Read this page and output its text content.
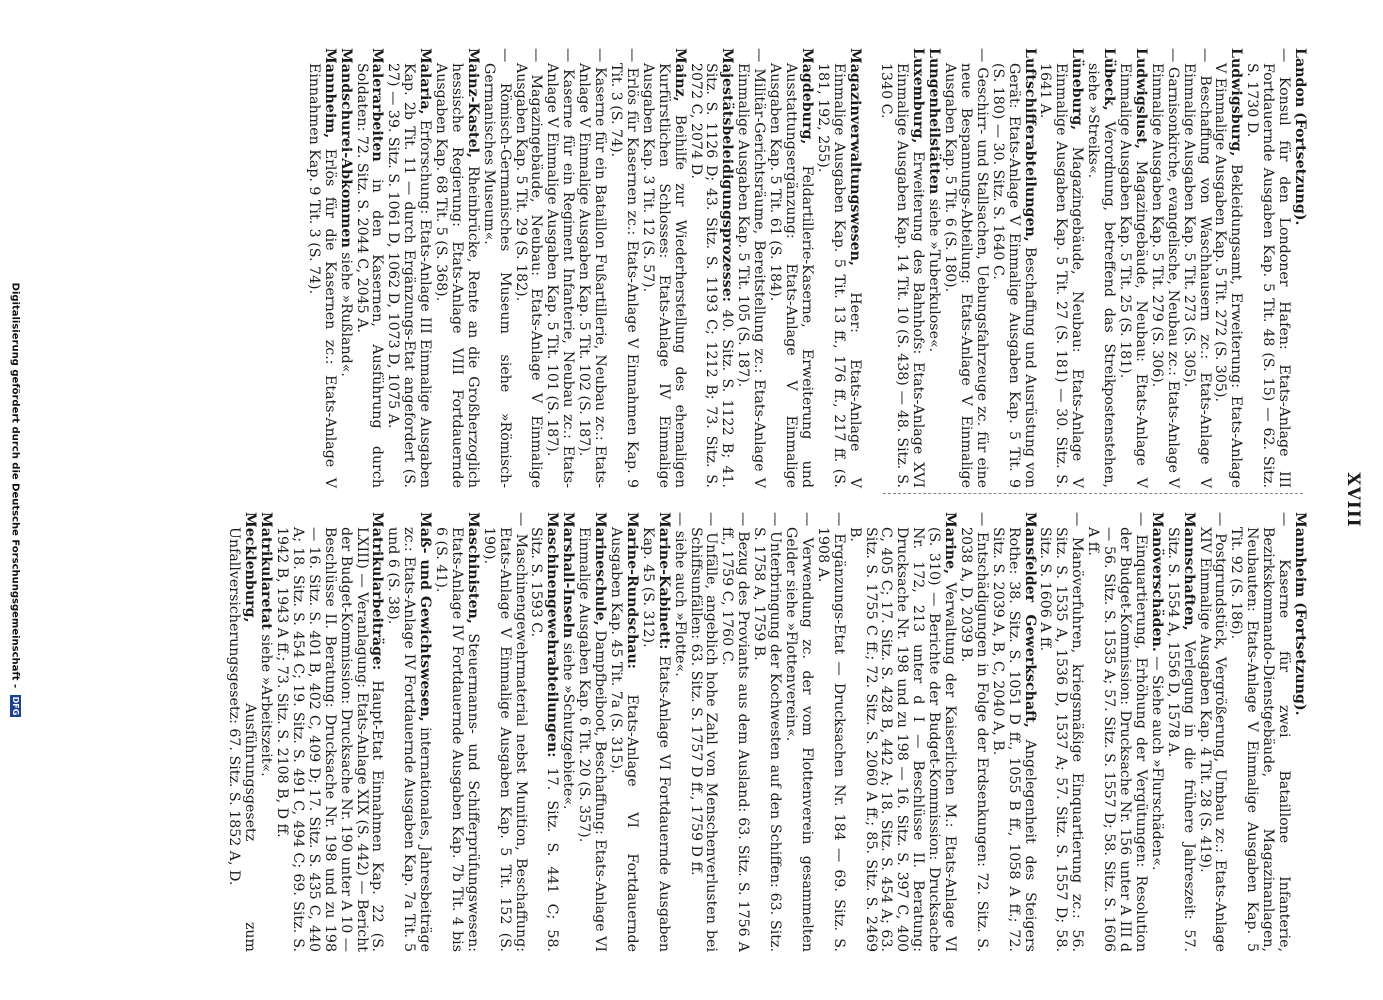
XVIII

Landon (Fortsetzung).

— Konsul für den Londoner Hafen: Etats-Anlage III Fortdauernde Ausgaben Kap. 5 Tit. 48 (S. 15) — 62. Sitz. S. 1730 D.

Ludwigsburg, Bekleidungsamt, Erweiterung: Etats-Anlage V Einmalige Ausgaben Kap. 5 Tit. 272 (S. 305).

— Beschaffung von Waschhausern zc.: Etats-Anlage V Einmalige Ausgaben Kap. 5 Tit. 273 (S. 305).

— Garnisonkirche, evangelische, Neubau zc.: Etats-Anlage V Einmalige Ausgaben Kap. 5 Tit. 279 (S. 306).

Ludwigslust, Magazingebäude, Neubau: Etats-Anlage V Einmalige Ausgaben Kap. 5 Tit. 25 (S. 181).

Lübeck, Verordnung, betreffend das Streikpostenstehen, siehe »Streiks«.

Lüneburg, Magazingebäude, Neubau: Etats-Anlage V Einmalige Ausgaben Kap. 5 Tit. 27 (S. 181) — 30. Sitz. S. 1641 A.

Luftschifferabteilungen, Beschaffung und Ausrüstung von Gerät: Etats-Anlage V Einmalige Ausgaben Kap. 5 Tit. 9 (S. 180) — 30. Sitz. S. 1640 C.

— Geschirr- und Stallsachen, Uebungsfahrzeuge zc. für eine neue Bespannungs-Abteilung: Etats-Anlage V Einmalige Ausgaben Kap. 5 Tit. 6 (S. 180).

Lungenheilstätten siehe »Tuberkulose«.

Luxemburg, Erweiterung des Bahnhofs: Etats-Anlage XVI Einmalige Ausgaben Kap. 14 Tit. 10 (S. 438) — 48. Sitz. S. 1340 C.

Magazinverwaltungswesen, Heer: Etats-Anlage V Einmalige Ausgaben Kap. 5 Tit. 13 ff., 176 ff., 217 ff. (S. 181, 192, 255).

Magdeburg, Feldartillerie-Kaserne, Erweiterung und Ausstattungsergänzung: Etats-Anlage V Einmalige Ausgaben Kap. 5 Tit. 61 (S. 184).

— Militär-Gerichtsräume, Bereitstellung zc.: Etats-Anlage V Einmalige Ausgaben Kap. 5 Tit. 105 (S. 187).

Majestätsbeleidigungsprozesse: 40. Sitz. S. 1122 B; 41. Sitz. S. 1126 D; 43. Sitz. S. 1193 C; 1212 B; 73. Sitz. S. 2072 C, 2074 D.

Mainz, Beihilfe zur Wiederherstellung des ehemaligen Kurfürstlichen Schlosses: Etats-Anlage IV Einmalige Ausgaben Kap. 3 Tit. 12 (S. 57).

— Erlös für Kasernen zc.: Etats-Anlage V Einnahmen Kap. 9 Tit. 3 (S. 74).

— Kaserne für ein Bataillon Fußartillerie, Neubau zc.: Etats-Anlage V Einmalige Ausgaben Kap. 5 Tit. 102 (S. 187).

— Kaserne für ein Regiment Infanterie, Neubau zc.: Etats-Anlage V Einmalige Ausgaben Kap. 5 Tit. 101 (S. 187).

— Magazingebäude, Neubau: Etats-Anlage V Einmalige Ausgaben Kap. 5 Tit. 29 (S. 182).

— Römisch-Germanisches Museum siehe »Römisch-Germanisches Museum«.

Mainz-Kastel, Rheinbrücke, Rente an die Großherzoglich hessische Regierung: Etats-Anlage VIII Fortdauernde Ausgaben Kap. 68 Tit. 5 (S. 368).

Malaria, Erforschung: Etats-Anlage III Einmalige Ausgaben Kap. 2b Tit. 11 — durch Ergänzungs-Etat angefordert (S. 27) — 39. Sitz. S. 1061 D, 1062 D, 1073 D, 1075 A.

Malerarbeiten in den Kasernen, Ausführung durch Soldaten: 72. Sitz. S. 2044 C, 2045 A.

Mandschurei-Abkommen siehe »Rußland«.

Mannheim, Erlös für die Kasernen zc.: Etats-Anlage V Einnahmen Kap. 9 Tit. 3 (S. 74).

Mannheim (Fortsetzung).

— Kaserne für zwei Bataillone Infanterie, Bezirkskommando-Dienstgebäude, Magazinanlagen, Neubauten: Etats-Anlage V Einmalige Ausgaben Kap. 5 Tit. 92 (S. 186).

— Postgrundstück, Vergrößerung, Umbau zc.: Etats-Anlage XIV Einmalige Ausgaben Kap. 4 Tit. 28 (S. 419).

Mannschaften, Verlegung in die frühere Jahreszeit: 57. Sitz. S. 1554 A, 1556 D, 1578 A.

Manöverschäden. — Siehe auch »Flurschäden«.

— Einquartierung, Erhöhung der Vergütungen: Resolution der Budget-Kommission: Drucksache Nr. 156 unter A III d — 56. Sitz. S. 1535 A; 57. Sitz. S. 1557 D; 58. Sitz. S. 1606 A ff.

— Manöverfuhren, kriegsmäßige Einquartierung zc.: 56. Sitz. S. 1535 A, 1536 D, 1537 A; 57. Sitz. S. 1557 D; 58. Sitz. S. 1606 A ff.

Mansfelder Gewerkschaft, Angelegenheit des Steigers Rothe: 38. Sitz. S. 1051 D ff., 1055 B ff., 1058 A ff.; 72. Sitz. S. 2039 A, B, C, 2040 A, B.

— Entschädigungen in Folge der Erdsenkungen: 72. Sitz. S. 2038 A, D, 2039 B.

Marine, Verwaltung der Kaiserlichen M.: Etats-Anlage VI (S. 310) — Berichte der Budget-Kommission: Drucksache Nr. 172, 213 unter d I — Beschlüsse II. Beratung: Drucksache Nr. 198 und zu 198 — 16. Sitz. S. 397 C, 400 C, 405 C; 17. Sitz. S. 428 B, 442 A; 18. Sitz. S. 454 A; 63. Sitz. S. 1755 C ff.; 72. Sitz. S. 2060 A ff.; 85. Sitz. S. 2469 B.

— Ergänzungs-Etat — Drucksachen Nr. 184 — 69. Sitz. S. 1908 A.

— Verwendung zc. der vom Flottenverein gesammelten Gelder siehe »Flottenverein«.

— Unterbringung der Kochwesten auf den Schiffen: 63. Sitz. S. 1758 A, 1759 B.

— Bezug des Proviants aus dem Ausland: 63. Sitz. S. 1756 A ff., 1759 C, 1760 C.

— Unfälle, angeblich hohe Zahl von Menschenverlusten bei Schiffsunfällen: 63. Sitz. S. 1757 D ff., 1759 D ff.

— siehe auch »Flotte«.

Marine-Kabinett: Etats-Anlage VI Fortdauernde Ausgaben Kap. 45 (S. 312).

Marine-Rundschau: Etats-Anlage VI Fortdauernde Ausgaben Kap. 45 Tit. 7a (S. 315).

Marineschule, Dampfbeiboot, Beschaffung: Etats-Anlage VI Einmalige Ausgaben Kap. 6 Tit. 20 (S. 357).

Marshall-Inseln siehe »Schutzgebiete«.

Maschinengewehrabteilungen: 17. Sitz. S. 441 C; 58. Sitz. S. 1593 C.

— Maschinengewehrmaterial nebst Munition, Beschaffung: Etats-Anlage V Einmalige Ausgaben Kap. 5 Tit. 152 (S. 190).

Maschinisten, Steuermanns- und Schifferprüfungswesen: Etats-Anlage IV Fortdauernde Ausgaben Kap. 7b Tit. 4 bis 6 (S. 41).

Maß- und Gewichtswesen, internationales, Jahresbeiträge zc.: Etats-Anlage IV Fortdauernde Ausgaben Kap. 7a Tit. 5 und 6 (S. 38).

Matrikularbeiträge: Haupt-Etat Einnahmen Kap. 22 (S. LXIII) — Veranlagung: Etats-Anlage XIX (S. 442) — Bericht der Budget-Kommission: Drucksache Nr. 190 unter A 10 — Beschlüsse II. Beratung: Drucksache Nr. 198 und zu 198 — 16. Sitz. S. 401 B, 402 C, 409 D; 17. Sitz. S. 435 C, 440 A; 18. Sitz. S. 454 C; 19. Sitz. S. 491 C, 494 C; 69. Sitz. S. 1942 B, 1943 A ff.; 73. Sitz. S. 2108 B, D ff.

Matrikularetat siehe »Arbeitszeit«.

Mecklenburg, Ausführungsgesetz zum Unfallversicherungsgesetz: 67. Sitz. S. 1852 A, D.

Digitalisierung gefördert durch die Deutsche Forschungsgemeinschaft - DFG
